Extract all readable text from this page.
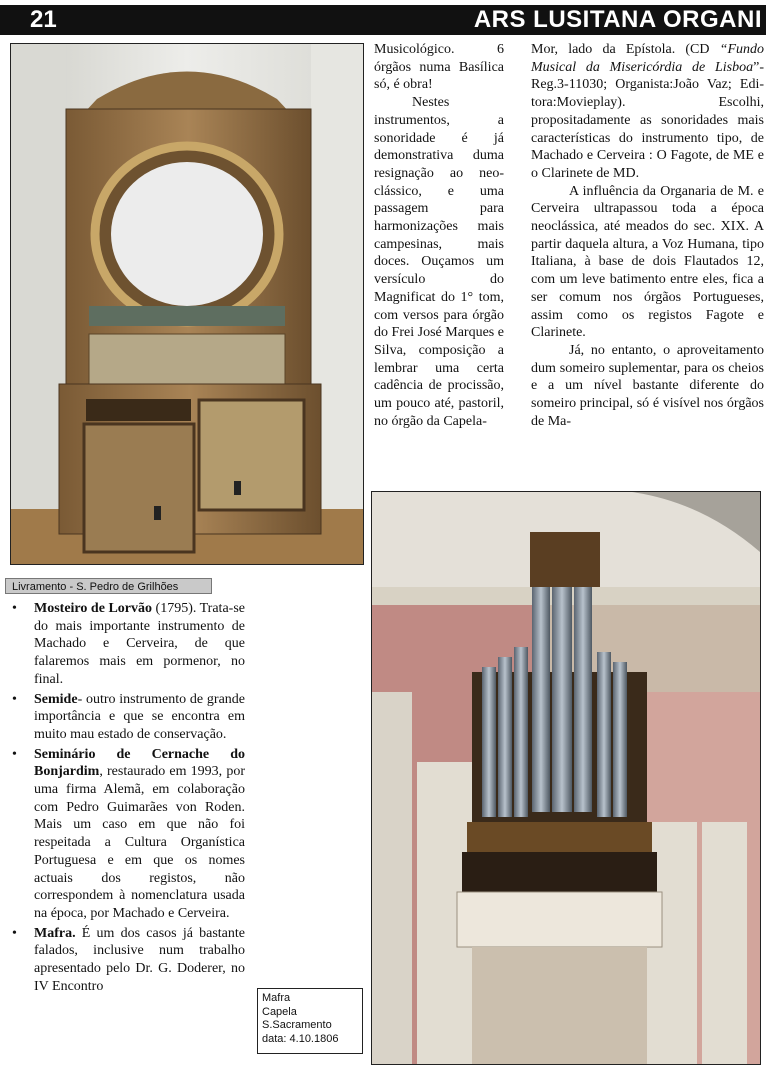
21	ARS LUSITANA ORGANI
Livramento - S. Pedro de Grilhões

Musicológico. 6 órgãos numa Basílica só, é obra!

Nestes instrumentos, a sonoridade é já demonstrativa duma resignação ao neo-clássico, e uma passagem para harmonizações mais campesinas, mais doces. Ouçamos um versículo do Magnificat do 1° tom, com versos para órgão do Frei José Marques e Silva, composição a lembrar uma certa cadência de procissão, um pouco até, pastoril, no órgão da Capela-

Mor, lado da Epístola. (CD “Fundo Musical da Misericórdia de Lisboa”- Reg.3-11030; Organista:João Vaz; Edi-tora:Movieplay). Escolhi, propositadamente as sonoridades mais características do instrumento tipo, de Machado e Cerveira : O Fagote, de ME e o Clarinete de MD.

A influência da Organaria de M. e Cerveira ultrapassou toda a época neoclássica, até meados do sec. XIX. A partir daquela altura, a Voz Humana, tipo Italiana, à base de dois Flautados 12, com um leve batimento entre eles, fica a ser comum nos órgãos Portugueses, assim como os registos Fagote e Clarinete.

Já, no entanto, o aproveitamento dum someiro suplementar, para os cheios e a um nível bastante diferente do someiro principal, só é visível nos órgãos de Ma-

• Mosteiro de Lorvão (1795). Trata-se do mais importante instrumento de Machado e Cerveira, de que falaremos mais em pormenor, no final.
• Semide- outro instrumento de grande importância e que se encontra em muito mau estado de conservação.
• Seminário de Cernache do Bonjardim, restaurado em 1993, por uma firma Alemã, em colaboração com Pedro Guimarães von Roden. Mais um caso em que não foi respeitada a Cultura Organística Portuguesa e em que os nomes actuais dos registos, não correspondem à nomenclatura usada na época, por Machado e Cerveira.
• Mafra. É um dos casos já bastante falados, inclusive num trabalho apresentado pelo Dr. G. Doderer, no IV Encontro
Mafra
Capela
S.Sacramento
data: 4.10.1806
